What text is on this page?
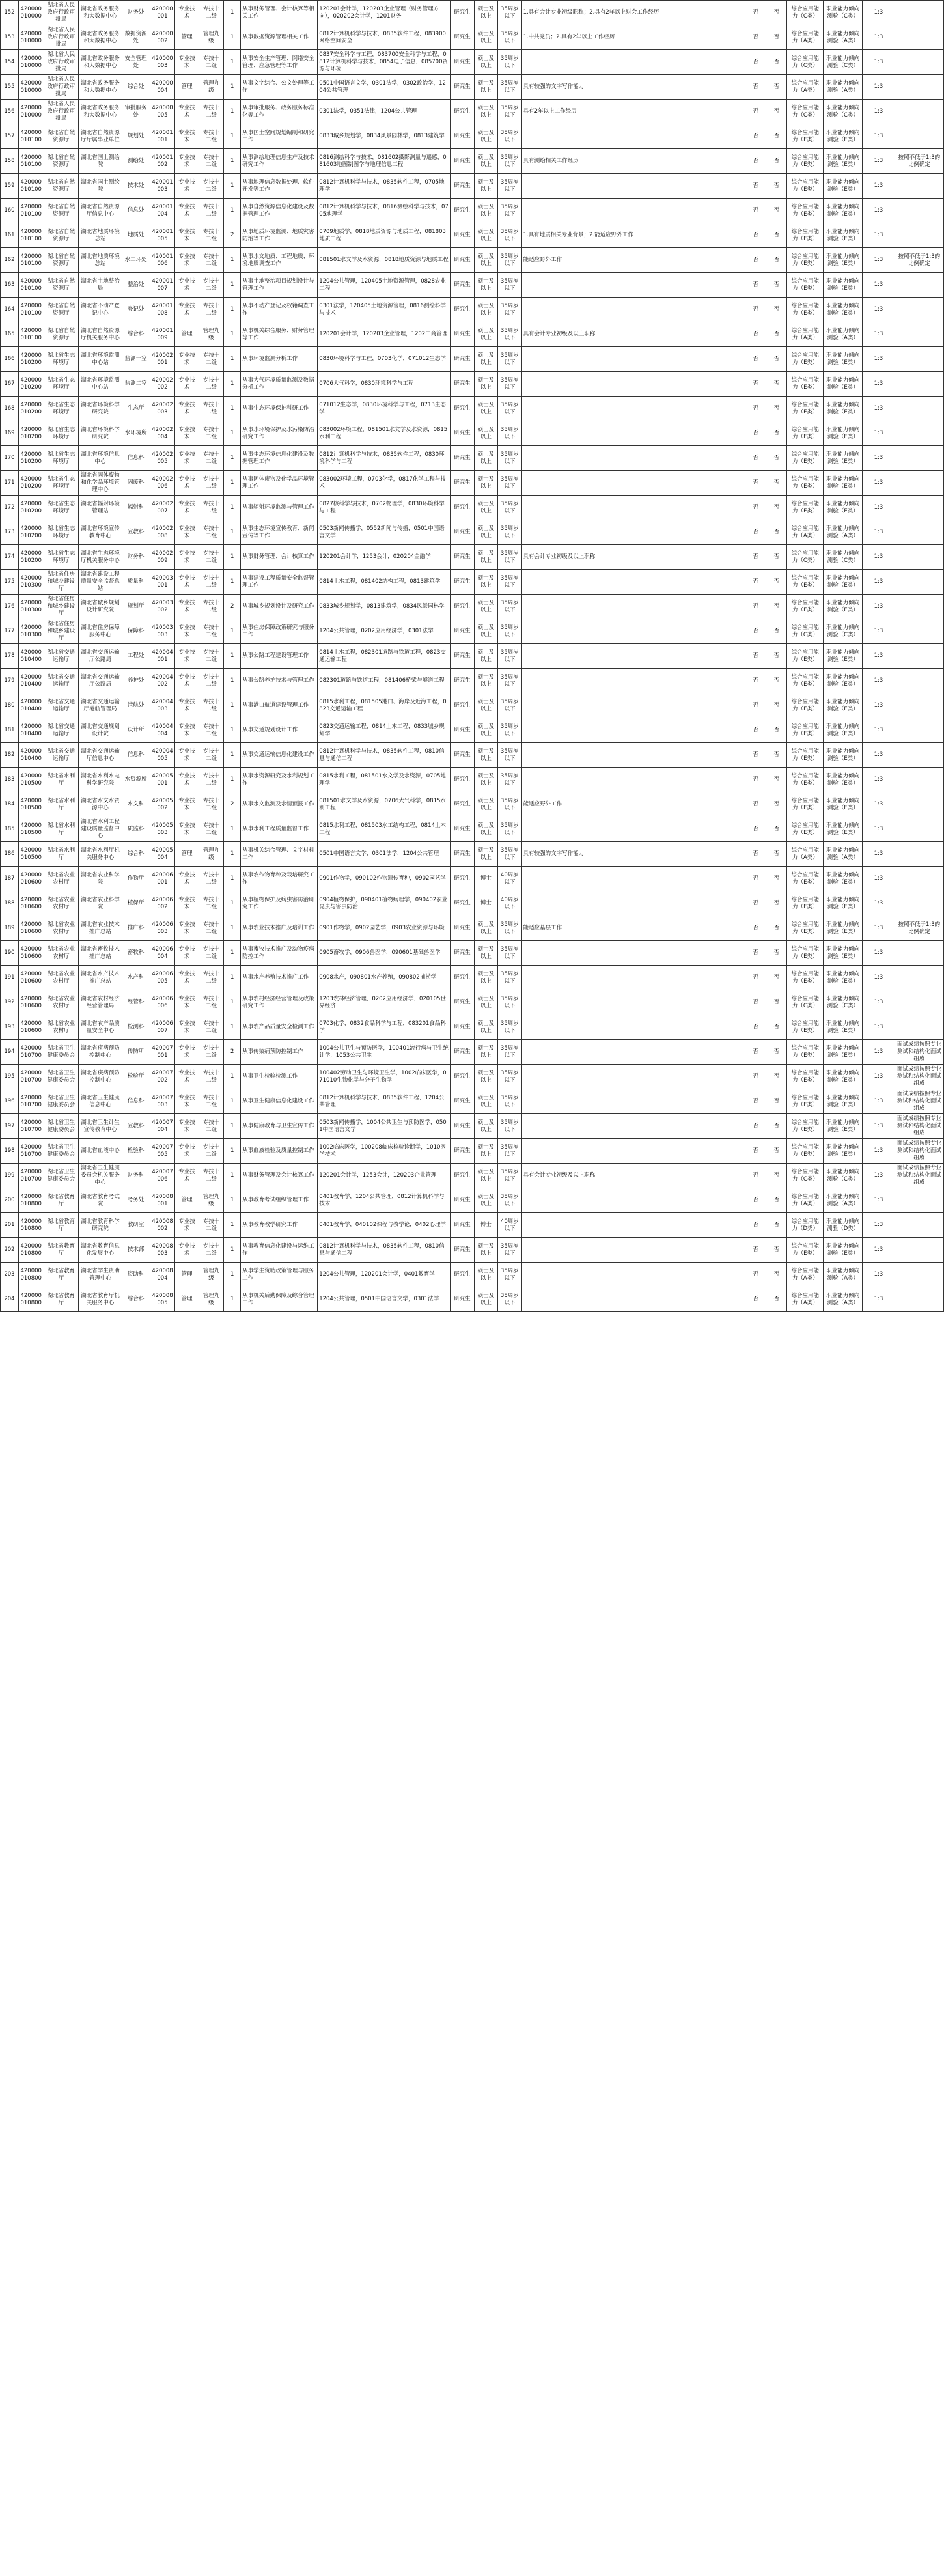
152	420000010000	湖北省人民政府行政审批局	湖北省政务服务和大数据中心	财务处	420000001	专业技术	专技十二级	1	从事财务管理、会计核算等相关工作	120201会计学，120203企业管理（财务管理方向），020202会计学，1201财务	研究生	硕士及以上	35周岁以下	1.具有会计专业初级职称；2.具有2年以上财会工作经历		否	否	综合应用能力（C类）	职业能力倾向测验（C类）	1:3	
153	420000010000	湖北省人民政府行政审批局	湖北省政务服务和大数据中心	数据资源处	420000002	管理	管理九级	1	从事数据资源管理相关工作	0812计算机科学与技术，0835软件工程，083900网络空间安全	研究生	硕士及以上	35周岁以下	1.中共党员；2.具有2年以上工作经历		否	否	综合应用能力（A类）	职业能力倾向测验（A类）	1:3	
154	420000010000	湖北省人民政府行政审批局	湖北省政务服务和大数据中心	安全管理处	420000003	专业技术	专技十二级	1	从事安全生产管理、网络安全管理、应急管理等工作	0837安全科学与工程，083700安全科学与工程，0812计算机科学与技术，0854电子信息，085700资源与环境	研究生	硕士及以上	35周岁以下			否	否	综合应用能力（C类）	职业能力倾向测验（C类）	1:3	
155	420000010000	湖北省人民政府行政审批局	湖北省政务服务和大数据中心	综合处	420000004	管理	管理九级	1	从事文字综合、公文处理等工作	0501中国语言文学，0301法学，0302政治学，1204公共管理	研究生	硕士及以上	35周岁以下	具有较强的文字写作能力		否	否	综合应用能力（A类）	职业能力倾向测验（A类）	1:3	
156	420000010000	湖北省人民政府行政审批局	湖北省政务服务和大数据中心	审批服务处	420000005	专业技术	专技十二级	1	从事审批服务、政务服务标准化等工作	0301法学，0351法律，1204公共管理	研究生	硕士及以上	35周岁以下	具有2年以上工作经历		否	否	综合应用能力（C类）	职业能力倾向测验（C类）	1:3	
157	420000010100	湖北省自然资源厅	湖北省自然资源厅厅属事业单位	规划处	420001001	专业技术	专技十二级	1	从事国土空间规划编制和研究工作	0833城乡规划学，0834风景园林学，0813建筑学	研究生	硕士及以上	35周岁以下			否	否	综合应用能力（E类）	职业能力倾向测验（E类）	1:3	
158	420000010100	湖北省自然资源厅	湖北省国土测绘院	测绘处	420001002	专业技术	专技十二级	1	从事测绘地理信息生产及技术研究工作	0816测绘科学与技术，081602摄影测量与遥感，081603地图制图学与地理信息工程	研究生	硕士及以上	35周岁以下	具有测绘相关工作经历		否	否	综合应用能力（E类）	职业能力倾向测验（E类）	1:3	按照不低于1:3的比例确定
159	420000010100	湖北省自然资源厅	湖北省国土测绘院	技术处	420001003	专业技术	专技十二级	1	从事地理信息数据处理、软件开发等工作	0812计算机科学与技术，0835软件工程，0705地理学	研究生	硕士及以上	35周岁以下			否	否	综合应用能力（E类）	职业能力倾向测验（E类）	1:3	
160	420000010100	湖北省自然资源厅	湖北省自然资源厅信息中心	信息处	420001004	专业技术	专技十二级	1	从事自然资源信息化建设及数据管理工作	0812计算机科学与技术，0816测绘科学与技术，0705地理学	研究生	硕士及以上	35周岁以下			否	否	综合应用能力（E类）	职业能力倾向测验（E类）	1:3	
161	420000010100	湖北省自然资源厅	湖北省地质环境总站	地质处	420001005	专业技术	专技十二级	2	从事地质环境监测、地质灾害防治等工作	0709地质学，0818地质资源与地质工程，081803地质工程	研究生	硕士及以上	35周岁以下	1.具有地质相关专业背景；2.能适应野外工作		否	否	综合应用能力（E类）	职业能力倾向测验（E类）	1:3	
162	420000010100	湖北省自然资源厅	湖北省地质环境总站	水工环处	420001006	专业技术	专技十二级	1	从事水文地质、工程地质、环境地质调查工作	081501水文学及水资源，0818地质资源与地质工程	研究生	硕士及以上	35周岁以下	能适应野外工作		否	否	综合应用能力（E类）	职业能力倾向测验（E类）	1:3	按照不低于1:3的比例确定
163	420000010100	湖北省自然资源厅	湖北省土地整治局	整治处	420001007	专业技术	专技十二级	1	从事土地整治项目规划设计与管理工作	1204公共管理，120405土地资源管理，0828农业工程	研究生	硕士及以上	35周岁以下			否	否	综合应用能力（E类）	职业能力倾向测验（E类）	1:3	
164	420000010100	湖北省自然资源厅	湖北省不动产登记中心	登记处	420001008	专业技术	专技十二级	1	从事不动产登记及权籍调查工作	0301法学，120405土地资源管理，0816测绘科学与技术	研究生	硕士及以上	35周岁以下			否	否	综合应用能力（E类）	职业能力倾向测验（E类）	1:3	
165	420000010100	湖北省自然资源厅	湖北省自然资源厅机关服务中心	综合科	420001009	管理	管理九级	1	从事机关综合服务、财务管理等工作	120201会计学，120203企业管理，1202工商管理	研究生	硕士及以上	35周岁以下	具有会计专业初级及以上职称		否	否	综合应用能力（A类）	职业能力倾向测验（A类）	1:3	
166	420000010200	湖北省生态环境厅	湖北省环境监测中心站	监测一室	420002001	专业技术	专技十二级	1	从事环境监测分析工作	0830环境科学与工程，0703化学，071012生态学	研究生	硕士及以上	35周岁以下			否	否	综合应用能力（E类）	职业能力倾向测验（E类）	1:3	
167	420000010200	湖北省生态环境厅	湖北省环境监测中心站	监测二室	420002002	专业技术	专技十二级	1	从事大气环境质量监测及数据分析工作	0706大气科学，0830环境科学与工程	研究生	硕士及以上	35周岁以下			否	否	综合应用能力（E类）	职业能力倾向测验（E类）	1:3	
168	420000010200	湖北省生态环境厅	湖北省环境科学研究院	生态所	420002003	专业技术	专技十二级	1	从事生态环境保护科研工作	071012生态学，0830环境科学与工程，0713生态学	研究生	硕士及以上	35周岁以下			否	否	综合应用能力（E类）	职业能力倾向测验（E类）	1:3	
169	420000010200	湖北省生态环境厅	湖北省环境科学研究院	水环境所	420002004	专业技术	专技十二级	1	从事水环境保护及水污染防治研究工作	083002环境工程，081501水文学及水资源，0815水利工程	研究生	硕士及以上	35周岁以下			否	否	综合应用能力（E类）	职业能力倾向测验（E类）	1:3	
170	420000010200	湖北省生态环境厅	湖北省环境信息中心	信息科	420002005	专业技术	专技十二级	1	从事生态环境信息化建设及数据管理工作	0812计算机科学与技术，0835软件工程，0830环境科学与工程	研究生	硕士及以上	35周岁以下			否	否	综合应用能力（E类）	职业能力倾向测验（E类）	1:3	
171	420000010200	湖北省生态环境厅	湖北省固体废物和化学品环境管理中心	固废科	420002006	专业技术	专技十二级	1	从事固体废物及化学品环境管理工作	083002环境工程，0703化学，0817化学工程与技术	研究生	硕士及以上	35周岁以下			否	否	综合应用能力（E类）	职业能力倾向测验（E类）	1:3	
172	420000010200	湖北省生态环境厅	湖北省辐射环境管理站	辐射科	420002007	专业技术	专技十二级	1	从事辐射环境监测与管理工作	0827核科学与技术，0702物理学，0830环境科学与工程	研究生	硕士及以上	35周岁以下			否	否	综合应用能力（E类）	职业能力倾向测验（E类）	1:3	
173	420000010200	湖北省生态环境厅	湖北省环境宣传教育中心	宣教科	420002008	专业技术	专技十二级	1	从事生态环境宣传教育、新闻宣传等工作	0503新闻传播学，0552新闻与传播，0501中国语言文学	研究生	硕士及以上	35周岁以下			否	否	综合应用能力（A类）	职业能力倾向测验（A类）	1:3	
174	420000010200	湖北省生态环境厅	湖北省生态环境厅机关服务中心	财务科	420002009	专业技术	专技十二级	1	从事财务管理、会计核算工作	120201会计学，1253会计，020204金融学	研究生	硕士及以上	35周岁以下	具有会计专业初级及以上职称		否	否	综合应用能力（C类）	职业能力倾向测验（C类）	1:3	
175	420000010300	湖北省住房和城乡建设厅	湖北省建设工程质量安全监督总站	质量科	420003001	专业技术	专技十二级	1	从事建设工程质量安全监督管理工作	0814土木工程，081402结构工程，0813建筑学	研究生	硕士及以上	35周岁以下			否	否	综合应用能力（E类）	职业能力倾向测验（E类）	1:3	
176	420000010300	湖北省住房和城乡建设厅	湖北省城乡规划设计研究院	规划所	420003002	专业技术	专技十二级	2	从事城乡规划设计及研究工作	0833城乡规划学，0813建筑学，0834风景园林学	研究生	硕士及以上	35周岁以下			否	否	综合应用能力（E类）	职业能力倾向测验（E类）	1:3	
177	420000010300	湖北省住房和城乡建设厅	湖北省住房保障服务中心	保障科	420003003	专业技术	专技十二级	1	从事住房保障政策研究与服务工作	1204公共管理，0202应用经济学，0301法学	研究生	硕士及以上	35周岁以下			否	否	综合应用能力（C类）	职业能力倾向测验（C类）	1:3	
178	420000010400	湖北省交通运输厅	湖北省交通运输厅公路局	工程处	420004001	专业技术	专技十二级	1	从事公路工程建设管理工作	0814土木工程，082301道路与铁道工程，0823交通运输工程	研究生	硕士及以上	35周岁以下			否	否	综合应用能力（E类）	职业能力倾向测验（E类）	1:3	
179	420000010400	湖北省交通运输厅	湖北省交通运输厅公路局	养护处	420004002	专业技术	专技十二级	1	从事公路养护技术与管理工作	082301道路与铁道工程，081406桥梁与隧道工程	研究生	硕士及以上	35周岁以下			否	否	综合应用能力（E类）	职业能力倾向测验（E类）	1:3	
180	420000010400	湖北省交通运输厅	湖北省交通运输厅港航管理局	港航处	420004003	专业技术	专技十二级	1	从事港口航道建设管理工作	0815水利工程，081505港口、海岸及近海工程，0823交通运输工程	研究生	硕士及以上	35周岁以下			否	否	综合应用能力（E类）	职业能力倾向测验（E类）	1:3	
181	420000010400	湖北省交通运输厅	湖北省交通规划设计院	设计所	420004004	专业技术	专技十二级	1	从事交通规划设计工作	0823交通运输工程，0814土木工程，0833城乡规划学	研究生	硕士及以上	35周岁以下			否	否	综合应用能力（E类）	职业能力倾向测验（E类）	1:3	
182	420000010400	湖北省交通运输厅	湖北省交通运输厅信息中心	信息科	420004005	专业技术	专技十二级	1	从事交通运输信息化建设工作	0812计算机科学与技术，0835软件工程，0810信息与通信工程	研究生	硕士及以上	35周岁以下			否	否	综合应用能力（E类）	职业能力倾向测验（E类）	1:3	
183	420000010500	湖北省水利厅	湖北省水利水电科学研究院	水资源所	420005001	专业技术	专技十二级	1	从事水资源研究及水利规划工作	0815水利工程，081501水文学及水资源，0705地理学	研究生	硕士及以上	35周岁以下			否	否	综合应用能力（E类）	职业能力倾向测验（E类）	1:3	
184	420000010500	湖北省水利厅	湖北省水文水资源中心	水文科	420005002	专业技术	专技十二级	2	从事水文监测及水情预报工作	081501水文学及水资源，0706大气科学，0815水利工程	研究生	硕士及以上	35周岁以下	能适应野外工作		否	否	综合应用能力（E类）	职业能力倾向测验（E类）	1:3	
185	420000010500	湖北省水利厅	湖北省水利工程建设质量监督中心	质监科	420005003	专业技术	专技十二级	1	从事水利工程质量监督工作	0815水利工程，081503水工结构工程，0814土木工程	研究生	硕士及以上	35周岁以下			否	否	综合应用能力（E类）	职业能力倾向测验（E类）	1:3	
186	420000010500	湖北省水利厅	湖北省水利厅机关服务中心	综合科	420005004	管理	管理九级	1	从事机关综合管理、文字材料工作	0501中国语言文学，0301法学，1204公共管理	研究生	硕士及以上	35周岁以下	具有较强的文字写作能力		否	否	综合应用能力（A类）	职业能力倾向测验（A类）	1:3	
187	420000010600	湖北省农业农村厅	湖北省农业科学院	作物所	420006001	专业技术	专技十二级	1	从事农作物育种及栽培研究工作	0901作物学，090102作物遗传育种，0902园艺学	研究生	博士	40周岁以下			否	否	综合应用能力（E类）	职业能力倾向测验（E类）	1:3	
188	420000010600	湖北省农业农村厅	湖北省农业科学院	植保所	420006002	专业技术	专技十二级	1	从事植物保护及病虫害防治研究工作	0904植物保护，090401植物病理学，090402农业昆虫与害虫防治	研究生	博士	40周岁以下			否	否	综合应用能力（E类）	职业能力倾向测验（E类）	1:3	
189	420000010600	湖北省农业农村厅	湖北省农业技术推广总站	推广科	420006003	专业技术	专技十二级	1	从事农业技术推广及培训工作	0901作物学，0902园艺学，0903农业资源与环境	研究生	硕士及以上	35周岁以下	能适应基层工作		否	否	综合应用能力（E类）	职业能力倾向测验（E类）	1:3	按照不低于1:3的比例确定
190	420000010600	湖北省农业农村厅	湖北省畜牧技术推广总站	畜牧科	420006004	专业技术	专技十二级	1	从事畜牧技术推广及动物疫病防控工作	0905畜牧学，0906兽医学，090601基础兽医学	研究生	硕士及以上	35周岁以下			否	否	综合应用能力（E类）	职业能力倾向测验（E类）	1:3	
191	420000010600	湖北省农业农村厅	湖北省水产技术推广总站	水产科	420006005	专业技术	专技十二级	1	从事水产养殖技术推广工作	0908水产，090801水产养殖，090802捕捞学	研究生	硕士及以上	35周岁以下			否	否	综合应用能力（E类）	职业能力倾向测验（E类）	1:3	
192	420000010600	湖北省农业农村厅	湖北省农村经济经营管理局	经管科	420006006	专业技术	专技十二级	1	从事农村经济经营管理及政策研究工作	1203农林经济管理，0202应用经济学，020105世界经济	研究生	硕士及以上	35周岁以下			否	否	综合应用能力（C类）	职业能力倾向测验（C类）	1:3	
193	420000010600	湖北省农业农村厅	湖北省农产品质量安全中心	检测科	420006007	专业技术	专技十二级	1	从事农产品质量安全检测工作	0703化学，0832食品科学与工程，083201食品科学	研究生	硕士及以上	35周岁以下			否	否	综合应用能力（E类）	职业能力倾向测验（E类）	1:3	
194	420000010700	湖北省卫生健康委员会	湖北省疾病预防控制中心	传防所	420007001	专业技术	专技十二级	2	从事传染病预防控制工作	1004公共卫生与预防医学，100401流行病与卫生统计学，1053公共卫生	研究生	硕士及以上	35周岁以下			否	否	综合应用能力（E类）	职业能力倾向测验（E类）	1:3	面试成绩按照专业测试和结构化面试组成
195	420000010700	湖北省卫生健康委员会	湖北省疾病预防控制中心	检验所	420007002	专业技术	专技十二级	1	从事卫生检验检测工作	100402劳动卫生与环境卫生学，1002临床医学，071010生物化学与分子生物学	研究生	硕士及以上	35周岁以下			否	否	综合应用能力（E类）	职业能力倾向测验（E类）	1:3	面试成绩按照专业测试和结构化面试组成
196	420000010700	湖北省卫生健康委员会	湖北省卫生健康信息中心	信息科	420007003	专业技术	专技十二级	1	从事卫生健康信息化建设工作	0812计算机科学与技术，0835软件工程，1204公共管理	研究生	硕士及以上	35周岁以下			否	否	综合应用能力（E类）	职业能力倾向测验（E类）	1:3	面试成绩按照专业测试和结构化面试组成
197	420000010700	湖北省卫生健康委员会	湖北省卫生计生宣传教育中心	宣教科	420007004	专业技术	专技十二级	1	从事健康教育与卫生宣传工作	0503新闻传播学，1004公共卫生与预防医学，0501中国语言文学	研究生	硕士及以上	35周岁以下			否	否	综合应用能力（E类）	职业能力倾向测验（E类）	1:3	面试成绩按照专业测试和结构化面试组成
198	420000010700	湖北省卫生健康委员会	湖北省血液中心	检验科	420007005	专业技术	专技十二级	1	从事血液检验及质量控制工作	1002临床医学，100208临床检验诊断学，1010医学技术	研究生	硕士及以上	35周岁以下			否	否	综合应用能力（E类）	职业能力倾向测验（E类）	1:3	面试成绩按照专业测试和结构化面试组成
199	420000010700	湖北省卫生健康委员会	湖北省卫生健康委员会机关服务中心	财务科	420007006	专业技术	专技十二级	1	从事财务管理及会计核算工作	120201会计学，1253会计，120203企业管理	研究生	硕士及以上	35周岁以下	具有会计专业初级及以上职称		否	否	综合应用能力（C类）	职业能力倾向测验（C类）	1:3	面试成绩按照专业测试和结构化面试组成
200	420000010800	湖北省教育厅	湖北省教育考试院	考务处	420008001	管理	管理九级	1	从事教育考试组织管理工作	0401教育学，1204公共管理，0812计算机科学与技术	研究生	硕士及以上	35周岁以下			否	否	综合应用能力（A类）	职业能力倾向测验（A类）	1:3	
201	420000010800	湖北省教育厅	湖北省教育科学研究院	教研室	420008002	专业技术	专技十二级	1	从事教育教学研究工作	0401教育学，040102课程与教学论，0402心理学	研究生	博士	40周岁以下			否	否	综合应用能力（D类）	职业能力倾向测验（D类）	1:3	
202	420000010800	湖北省教育厅	湖北省教育信息化发展中心	技术部	420008003	专业技术	专技十二级	1	从事教育信息化建设与运维工作	0812计算机科学与技术，0835软件工程，0810信息与通信工程	研究生	硕士及以上	35周岁以下			否	否	综合应用能力（E类）	职业能力倾向测验（E类）	1:3	
203	420000010800	湖北省教育厅	湖北省学生资助管理中心	资助科	420008004	管理	管理九级	1	从事学生资助政策管理与服务工作	1204公共管理，120201会计学，0401教育学	研究生	硕士及以上	35周岁以下			否	否	综合应用能力（A类）	职业能力倾向测验（A类）	1:3	
204	420000010800	湖北省教育厅	湖北省教育厅机关服务中心	综合科	420008005	管理	管理九级	1	从事机关后勤保障及综合管理工作	1204公共管理，0501中国语言文学，0301法学	研究生	硕士及以上	35周岁以下			否	否	综合应用能力（A类）	职业能力倾向测验（A类）	1:3	
